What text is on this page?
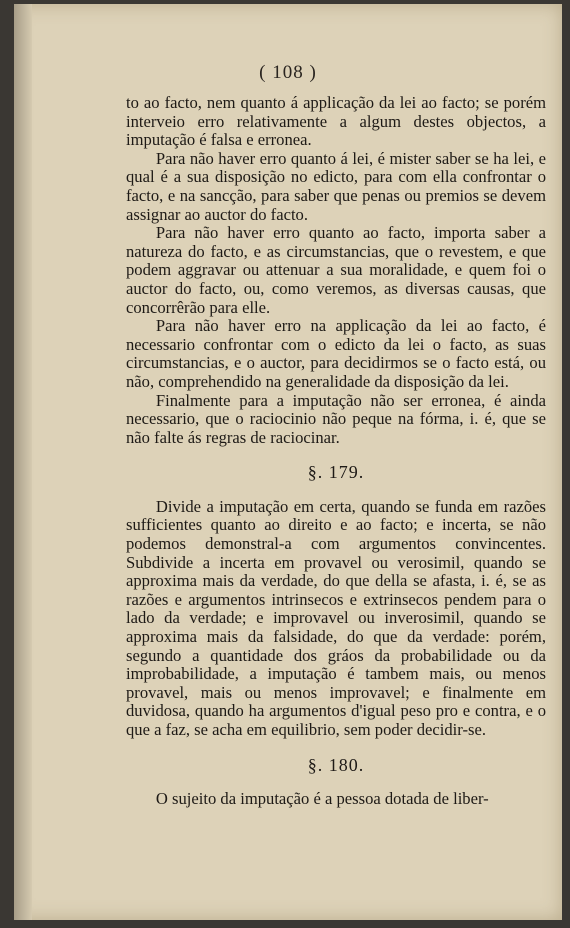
( 108 )

to ao facto, nem quanto á applicação da lei ao facto; se porém interveio erro relativamente a algum destes objectos, a imputação é falsa e erronea.

Para não haver erro quanto á lei, é mister saber se ha lei, e qual é a sua disposição no edicto, para com ella confrontar o facto, e na sancção, para saber que penas ou premios se devem assignar ao auctor do facto.

Para não haver erro quanto ao facto, importa saber a natureza do facto, e as circumstancias, que o revestem, e que podem aggravar ou attenuar a sua moralidade, e quem foi o auctor do facto, ou, como veremos, as diversas causas, que concorrêrão para elle.

Para não haver erro na applicação da lei ao facto, é necessario confrontar com o edicto da lei o facto, as suas circumstancias, e o auctor, para decidirmos se o facto está, ou não, comprehendido na generalidade da disposição da lei.

Finalmente para a imputação não ser erronea, é ainda necessario, que o raciocinio não peque na fórma, i. é, que se não falte ás regras de raciocinar.

§. 179.

Divide a imputação em certa, quando se funda em razões sufficientes quanto ao direito e ao facto; e incerta, se não podemos demonstral-a com argumentos convincentes. Subdivide a incerta em provavel ou verosimil, quando se approxima mais da verdade, do que della se afasta, i. é, se as razões e argumentos intrinsecos e extrinsecos pendem para o lado da verdade; e improvavel ou inverosimil, quando se approxima mais da falsidade, do que da verdade: porém, segundo a quantidade dos gráos da probabilidade ou da improbabilidade, a imputação é tambem mais, ou menos provavel, mais ou menos improvavel; e finalmente em duvidosa, quando ha argumentos d'igual peso pro e contra, e o que a faz, se acha em equilibrio, sem poder decidir-se.

§. 180.

O sujeito da imputação é a pessoa dotada de liber-
